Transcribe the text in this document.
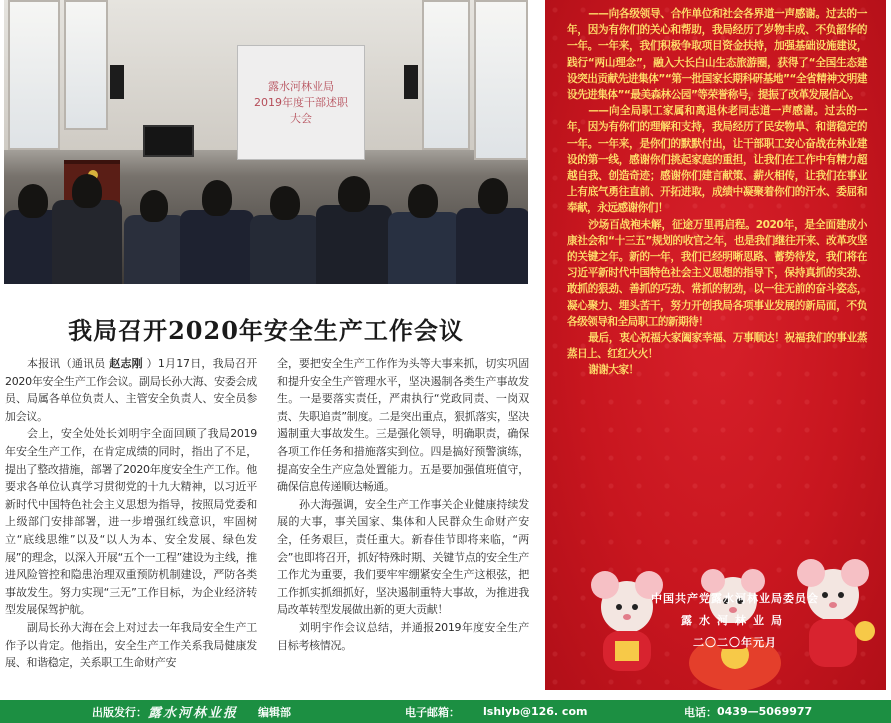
露水河林业局
2019年度干部述职
大会
我局召开2020年安全生产工作会议

本报讯（通讯员 赵志刚 ）1月17日，我局召开2020年安全生产工作会议。副局长孙大海、安委会成员、局属各单位负责人、主管安全负责人、安全员参加会议。

会上，安全处处长刘明宇全面回顾了我局2019年安全生产工作，在肯定成绩的同时，指出了不足，提出了整改措施，部署了2020年度安全生产工作。他要求各单位认真学习贯彻党的十九大精神，以习近平新时代中国特色社会主义思想为指导，按照局党委和上级部门安排部署，进一步增强红线意识，牢固树立“底线思维”以及“以人为本、安全发展、绿色发展”的理念，以深入开展“五个一工程”建设为主线，推进风险管控和隐患治理双重预防机制建设，严防各类事故发生。努力实现“三无”工作目标，为企业经济转型发展保驾护航。

副局长孙大海在会上对过去一年我局安全生产工作予以肯定。他指出，安全生产工作关系我局健康发展、和谐稳定，关系职工生命财产安

全，要把安全生产工作作为头等大事来抓，切实巩固和提升安全生产管理水平，坚决遏制各类生产事故发生。一是要落实责任，严肃执行“党政同责、一岗双责、失职追责”制度。二是突出重点，狠抓落实，坚决遏制重大事故发生。三是强化领导，明确职责，确保各项工作任务和措施落实到位。四是搞好预警演练，提高安全生产应急处置能力。五是要加强值班值守，确保信息传递顺达畅通。

孙大海强调，安全生产工作事关企业健康持续发展的大事，事关国家、集体和人民群众生命财产安全，任务艰巨，责任重大。新春佳节即将来临，“两会”也即将召开，抓好特殊时期、关键节点的安全生产工作尤为重要，我们要牢牢绷紧安全生产这根弦，把工作抓实抓细抓好，坚决遏制重特大事故，为推进我局改革转型发展做出新的更大贡献！

刘明宇作会议总结，并通报2019年度安全生产目标考核情况。

——向各级领导、合作单位和社会各界道一声感谢。过去的一年，因为有你们的关心和帮助，我局经历了岁物丰成、不负韶华的一年。一年来，我们积极争取项目资金扶持，加强基础设施建设，践行“两山理念”，融入大长白山生态旅游圈，获得了“全国生态建设突出贡献先进集体”“第一批国家长期科研基地”“全省精神文明建设先进集体”“最美森林公园”等荣誉称号，提振了改革发展信心。

——向全局职工家属和离退休老同志道一声感谢。过去的一年，因为有你们的理解和支持，我局经历了民安物阜、和谐稳定的一年。一年来，是你们的默默付出，让干部职工安心奋战在林业建设的第一线，感谢你们挑起家庭的重担，让我们在工作中有精力超越自我、创造奇迹；感谢你们建言献策、薪火相传，让我们在事业上有底气勇往直前、开拓进取，成绩中凝聚着你们的汗水、委屈和奉献，永远感谢你们！

沙场百战袍未解，征途万里再启程。2020年，是全面建成小康社会和“十三五”规划的收官之年，也是我们继往开来、改革攻坚的关键之年。新的一年，我们已经明晰思路、蓄势待发，我们将在习近平新时代中国特色社会主义思想的指导下，保持真抓的实劲、敢抓的狠劲、善抓的巧劲、常抓的韧劲，以一往无前的奋斗姿态，凝心聚力、埋头苦干，努力开创我局各项事业发展的新局面，不负各级领导和全局职工的新期待！

最后，衷心祝福大家阖家幸福、万事顺达！祝福我们的事业蒸蒸日上、红红火火！

谢谢大家！

中国共产党露水河林业局委员会
露水河林业局
二〇二〇年元月
出版发行： 露水河林业报 编辑部	电子邮箱： lshlyb@126. com	电话： 0439—5069977
